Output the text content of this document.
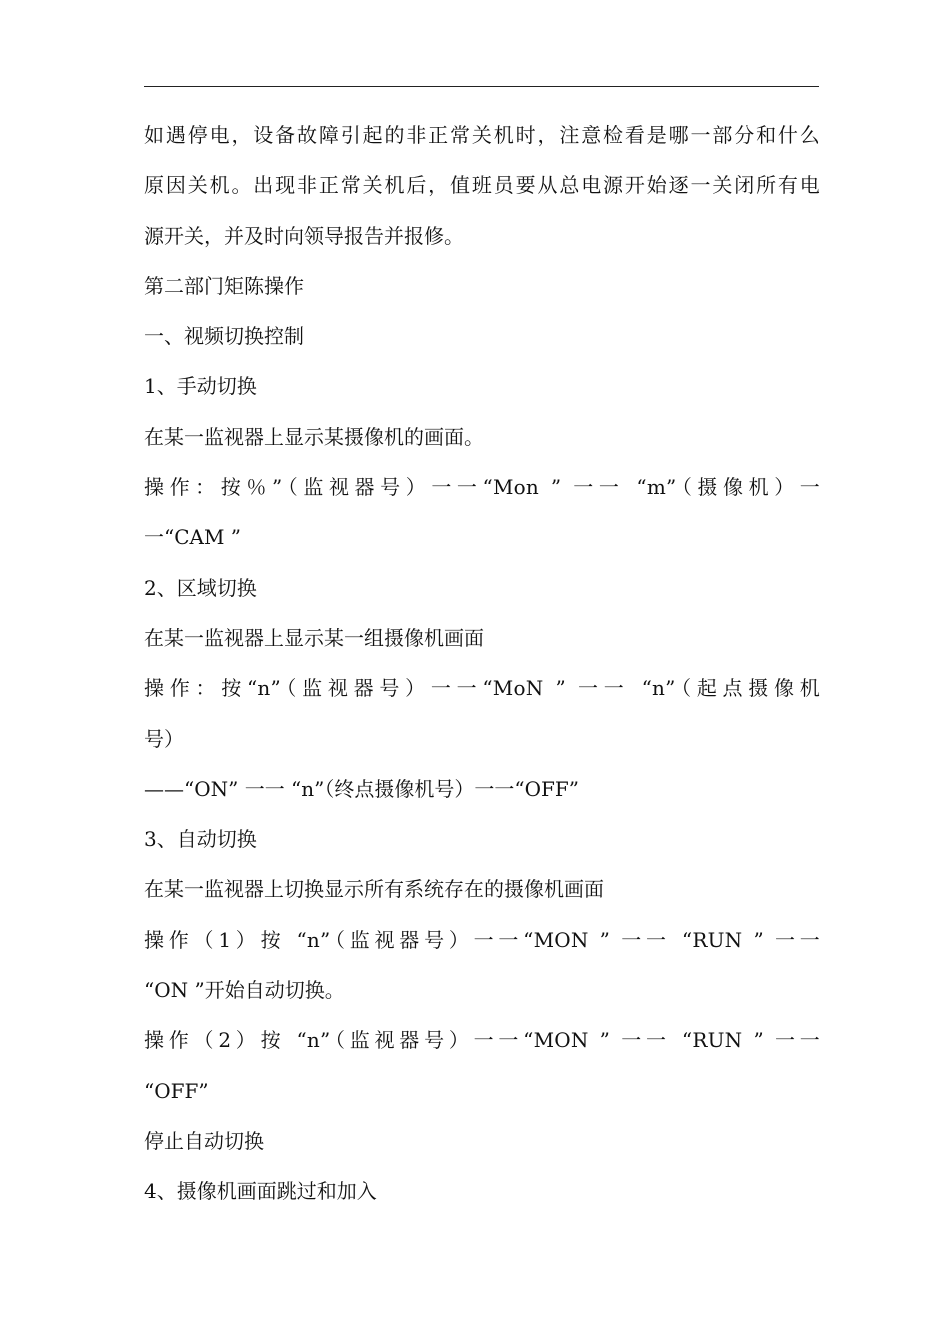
如遇停电，设备故障引起的非正常关机时，注意检看是哪一部分和什么
原因关机。出现非正常关机后，值班员要从总电源开始逐一关闭所有电
源开关，并及时向领导报告并报修。
第二部门矩陈操作
一、视频切换控制
1、手动切换
在某一监视器上显示某摄像机的画面。
操作：按％”（监视器号）一一“Mon ” 一一 “m”（摄像机）一
一“CAM ”
2、区域切换
在某一监视器上显示某一组摄像机画面
操作：按“n”（监视器号）一一“MoN ” 一一 “n”（起点摄像机
号）
——“ON” 一一 “n”（终点摄像机号）一一“OFF”
3、自动切换
在某一监视器上切换显示所有系统存在的摄像机画面
操作（1）按 “n”（监视器号）一一“MON ” 一一 “RUN ” 一一
“ON ”开始自动切换。
操作（2）按 “n”（监视器号）一一“MON ” 一一 “RUN ” 一一
“OFF”
停止自动切换
4、摄像机画面跳过和加入
